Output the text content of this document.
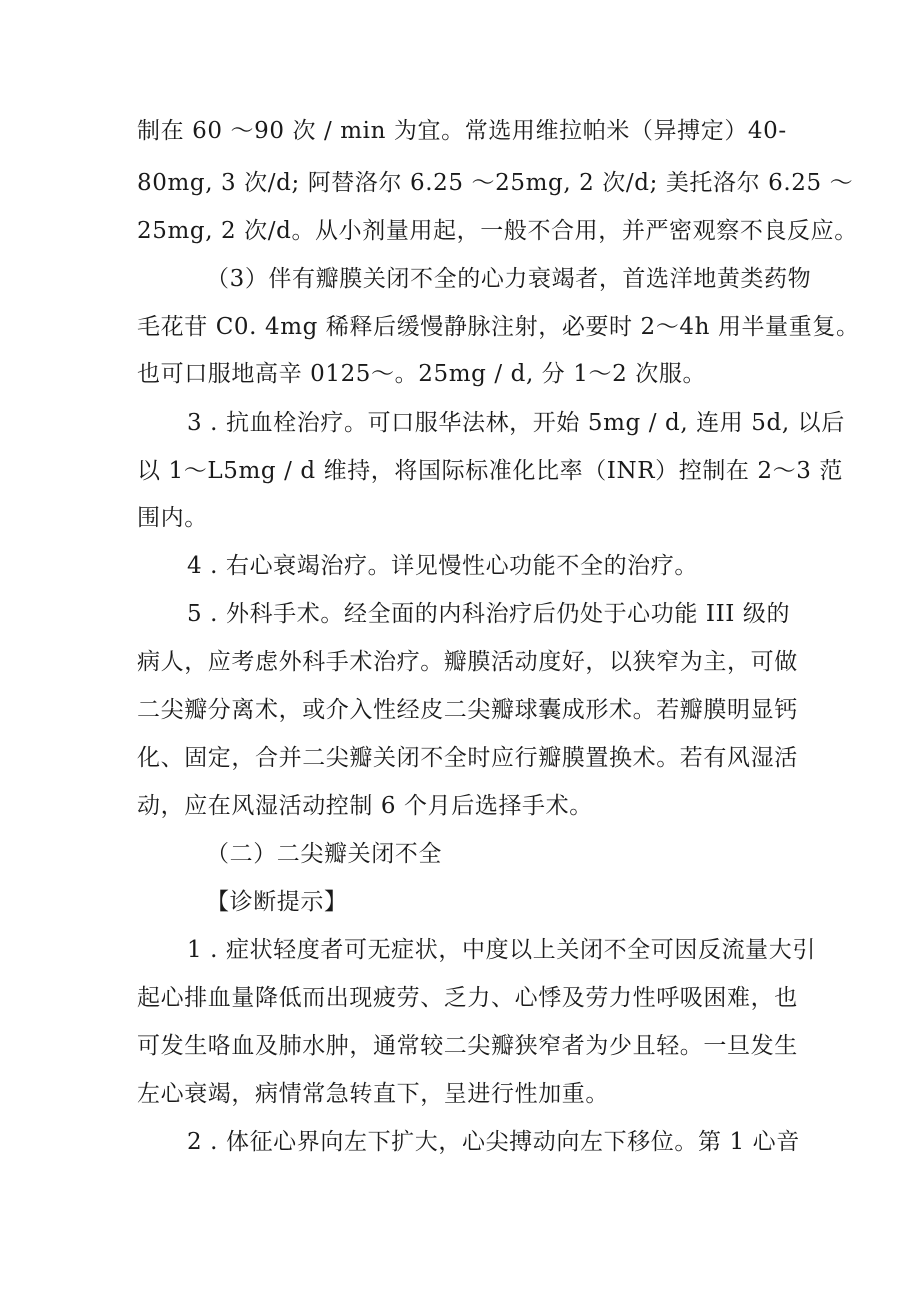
制在 60 ～90 次 / min 为宜。常选用维拉帕米（异搏定）40-
80mg, 3 次/d; 阿替洛尔 6.25 ～25mg, 2 次/d; 美托洛尔 6.25 ～
25mg, 2 次/d。从小剂量用起，一般不合用，并严密观察不良反应。
（3）伴有瓣膜关闭不全的心力衰竭者，首选洋地黄类药物
毛花苷 C0. 4mg 稀释后缓慢静脉注射，必要时 2～4h 用半量重复。
也可口服地高辛 0125～。25mg / d, 分 1～2 次服。
3 . 抗血栓治疗。可口服华法林，开始 5mg / d, 连用 5d, 以后
以 1～L5mg / d 维持，将国际标准化比率（INR）控制在 2～3 范
围内。
4 . 右心衰竭治疗。详见慢性心功能不全的治疗。
5 . 外科手术。经全面的内科治疗后仍处于心功能 III 级的
病人，应考虑外科手术治疗。瓣膜活动度好，以狭窄为主，可做
二尖瓣分离术，或介入性经皮二尖瓣球囊成形术。若瓣膜明显钙
化、固定，合并二尖瓣关闭不全时应行瓣膜置换术。若有风湿活
动，应在风湿活动控制 6 个月后选择手术。
（二）二尖瓣关闭不全
【诊断提示】
1 . 症状轻度者可无症状，中度以上关闭不全可因反流量大引
起心排血量降低而出现疲劳、乏力、心悸及劳力性呼吸困难，也
可发生咯血及肺水肿，通常较二尖瓣狭窄者为少且轻。一旦发生
左心衰竭，病情常急转直下，呈进行性加重。
2 . 体征心界向左下扩大，心尖搏动向左下移位。第 1 心音
